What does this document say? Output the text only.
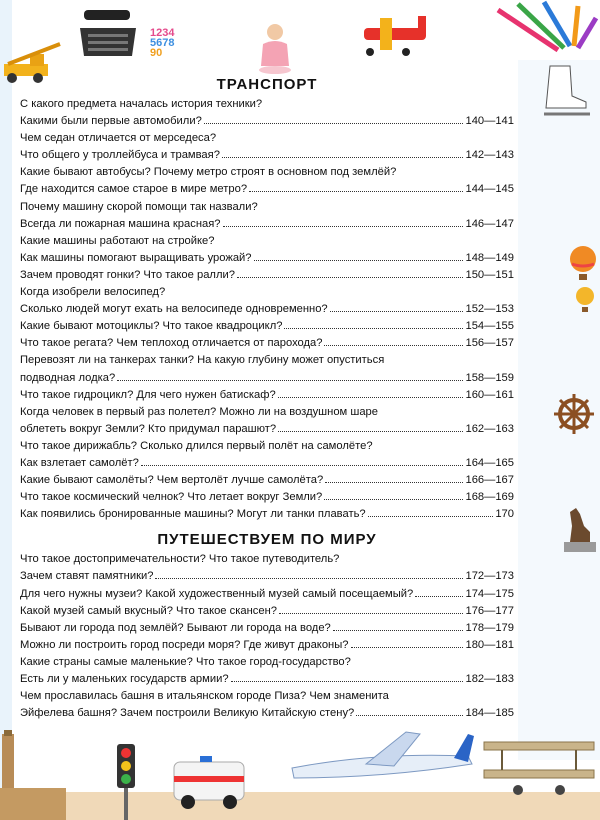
1234
5678
90
ТРАНСПОРТ
С какого предмета началась история техники?
Какими были первые автомобили?	140—141
Чем седан отличается от мерседеса?
Что общего у троллейбуса и трамвая?	142—143
Какие бывают автобусы? Почему метро строят в основном под землёй?
Где находится самое старое в мире метро?	144—145
Почему машину скорой помощи так назвали?
Всегда ли пожарная машина красная?	146—147
Какие машины работают на стройке?
Как машины помогают выращивать урожай?	148—149
Зачем проводят гонки? Что такое ралли?	150—151
Когда изобрели велосипед?
Сколько людей могут ехать на велосипеде одновременно?	152—153
Какие бывают мотоциклы? Что такое квадроцикл?	154—155
Что такое регата? Чем теплоход отличается от парохода?	156—157
Перевозят ли на танкерах танки? На какую глубину может опуститься
подводная лодка?	158—159
Что такое гидроцикл? Для чего нужен батискаф?	160—161
Когда человек в первый раз полетел? Можно ли на воздушном шаре
облететь вокруг Земли? Кто придумал парашют?	162—163
Что такое дирижабль? Сколько длился первый полёт на самолёте?
Как взлетает самолёт?	164—165
Какие бывают самолёты? Чем вертолёт лучше самолёта?	166—167
Что такое космический челнок? Что летает вокруг Земли?	168—169
Как появились бронированные машины? Могут ли танки плавать?	170
ПУТЕШЕСТВУЕМ ПО МИРУ
Что такое достопримечательности? Что такое путеводитель?
Зачем ставят памятники?	172—173
Для чего нужны музеи? Какой художественный музей самый посещаемый?	174—175
Какой музей самый вкусный? Что такое скансен?	176—177
Бывают ли города под землёй? Бывают ли города на воде?	178—179
Можно ли построить город посреди моря? Где живут драконы?	180—181
Какие страны самые маленькие? Что такое город-государство?
Есть ли у маленьких государств армии?	182—183
Чем прославилась башня в итальянском городе Пиза? Чем знаменита
Эйфелева башня? Зачем построили Великую Китайскую стену?	184—185
